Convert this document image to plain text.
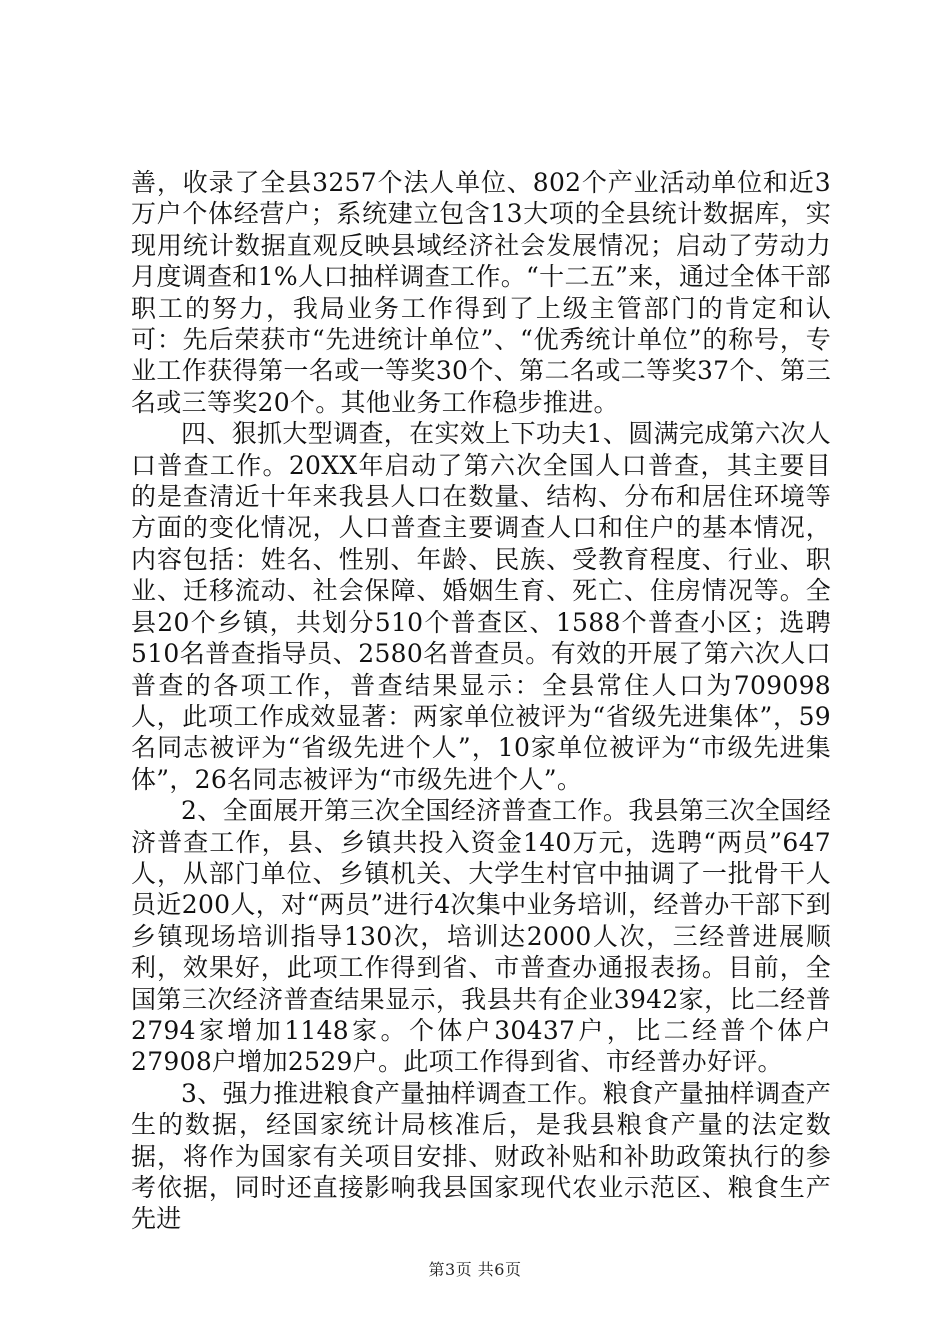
善，收录了全县3257个法人单位、802个产业活动单位和近3万户个体经营户；系统建立包含13大项的全县统计数据库，实现用统计数据直观反映县域经济社会发展情况；启动了劳动力月度调查和1%人口抽样调查工作。“十二五”来，通过全体干部职工的努力，我局业务工作得到了上级主管部门的肯定和认可：先后荣获市“先进统计单位”、“优秀统计单位”的称号，专业工作获得第一名或一等奖30个、第二名或二等奖37个、第三名或三等奖20个。其他业务工作稳步推进。

四、狠抓大型调查，在实效上下功夫1、圆满完成第六次人口普查工作。20XX年启动了第六次全国人口普查，其主要目的是查清近十年来我县人口在数量、结构、分布和居住环境等方面的变化情况，人口普查主要调查人口和住户的基本情况，内容包括：姓名、性别、年龄、民族、受教育程度、行业、职业、迁移流动、社会保障、婚姻生育、死亡、住房情况等。全县20个乡镇，共划分510个普查区、1588个普查小区；选聘510名普查指导员、2580名普查员。有效的开展了第六次人口普查的各项工作，普查结果显示：全县常住人口为709098人，此项工作成效显著：两家单位被评为“省级先进集体”，59名同志被评为“省级先进个人”，10家单位被评为“市级先进集体”，26名同志被评为“市级先进个人”。

2、全面展开第三次全国经济普查工作。我县第三次全国经济普查工作，县、乡镇共投入资金140万元，选聘“两员”647人，从部门单位、乡镇机关、大学生村官中抽调了一批骨干人员近200人，对“两员”进行4次集中业务培训，经普办干部下到乡镇现场培训指导130次，培训达2000人次，三经普进展顺利，效果好，此项工作得到省、市普查办通报表扬。目前，全国第三次经济普查结果显示，我县共有企业3942家，比二经普2794家增加1148家。个体户30437户，比二经普个体户27908户增加2529户。此项工作得到省、市经普办好评。

3、强力推进粮食产量抽样调查工作。粮食产量抽样调查产生的数据，经国家统计局核准后，是我县粮食产量的法定数据，将作为国家有关项目安排、财政补贴和补助政策执行的参考依据，同时还直接影响我县国家现代农业示范区、粮食生产先进

第3页 共6页
